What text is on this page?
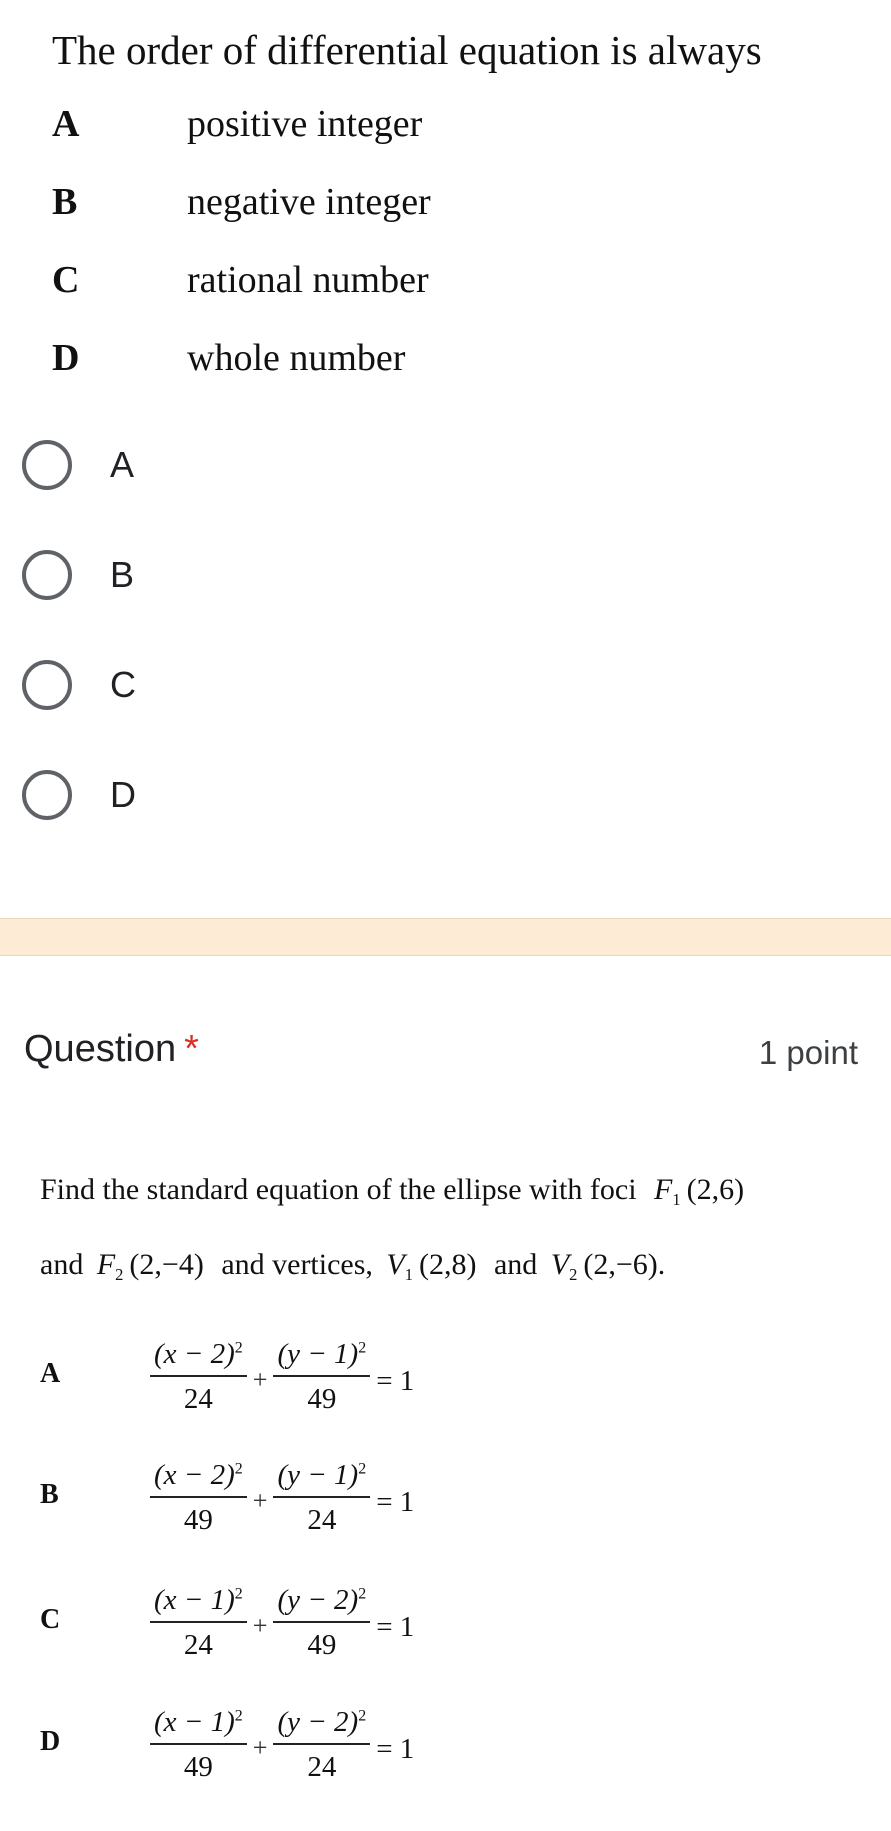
The order of differential equation is always
A	positive integer
B	negative integer
C	rational number
D	whole number
A
B
C
D
Question *	1 point
Find the standard equation of the ellipse with foci $F_1$ (2,6)
and $F_2$ (2,−4) and vertices, $V_1$ (2,8) and $V_2$ (2,−6).
A	$\frac{(x - 2)^2}{24} + \frac{(y - 1)^2}{49} = 1$
B	$\frac{(x - 2)^2}{49} + \frac{(y - 1)^2}{24} = 1$
C	$\frac{(x - 1)^2}{24} + \frac{(y - 2)^2}{49} = 1$
D	$\frac{(x - 1)^2}{49} + \frac{(y - 2)^2}{24} = 1$
